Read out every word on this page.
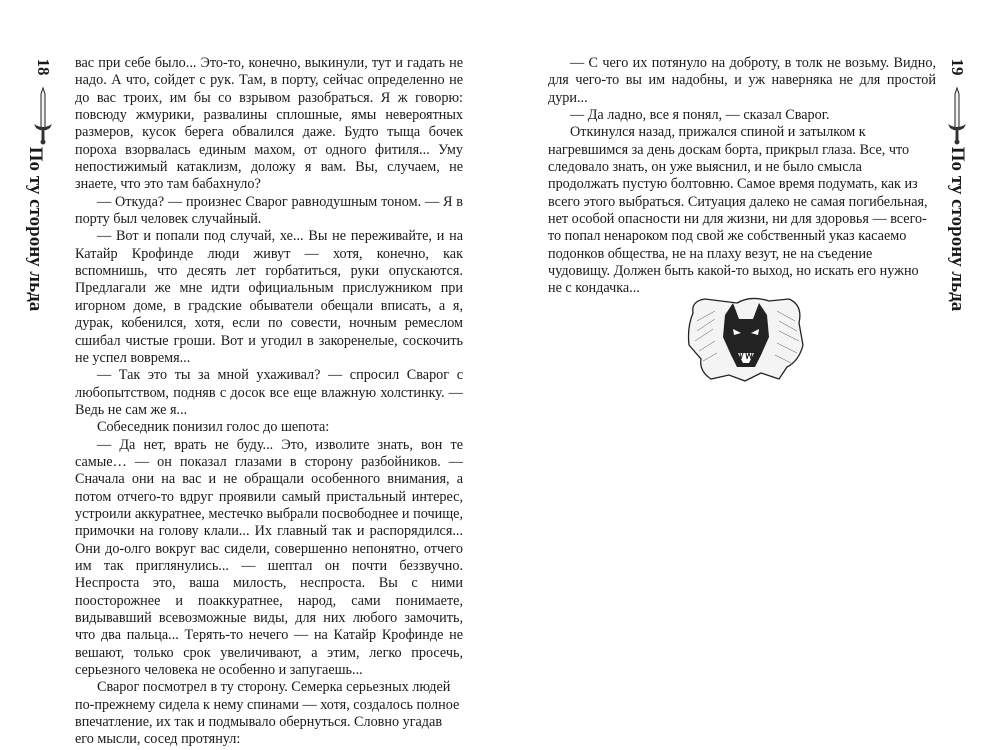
18
По ту сторону льда

вас при себе было... Это-то, конечно, выкинули, тут и гадать не надо. А что, сойдет с рук. Там, в порту, сейчас определенно не до вас троих, им бы со взрывом разобраться. Я ж говорю: повсюду жмурики, развалины сплошные, ямы невероятных размеров, кусок берега обвалился даже. Будто тыща бочек пороха взорвалась единым махом, от одного фитиля... Уму непостижимый катаклизм, доложу я вам. Вы, случаем, не знаете, что это там бабахнуло?

— Откуда? — произнес Сварог равнодушным тоном. — Я в порту был человек случайный.

— Вот и попали под случай, хе... Вы не переживайте, и на Катайр Крофинде люди живут — хотя, конечно, как вспомнишь, что десять лет горбатиться, руки опускаются. Предлагали же мне идти официальным прислужником при игорном доме, в градские обыватели обещали вписать, а я, дурак, кобенился, хотя, если по совести, ночным ремеслом сшибал чистые гроши. Вот и угодил в закоренелые, соскочить не успел вовремя...

— Так это ты за мной ухаживал? — спросил Сварог с любопытством, подняв с досок все еще влажную холстинку. — Ведь не сам же я...

Собеседник понизил голос до шепота:

— Да нет, врать не буду... Это, изволите знать, вон те самые… — он показал глазами в сторону разбойников. — Сначала они на вас и не обращали особенного внимания, а потом отчего-то вдруг проявили самый пристальный интерес, устроили аккуратнее, местечко выбрали посвободнее и почище, примочки на голову клали... Их главный так и распорядился... Они до-олго вокруг вас сидели, совершенно непонятно, отчего им так приглянулись... — шептал он почти беззвучно. Неспроста это, ваша милость, неспроста. Вы с ними поосторожнее и поаккуратнее, народ, сами понимаете, видывавший всевозможные виды, для них любого замочить, что два пальца... Терять-то нечего — на Катайр Крофинде не вешают, только срок увеличивают, а этим, легко просечь, серьезного человека не особенно и запугаешь...

Сварог посмотрел в ту сторону. Семерка серьезных людей по-прежнему сидела к нему спинами — хотя, создалось полное впечатление, их так и подмывало обернуться. Словно угадав его мысли, сосед протянул:

— С чего их потянуло на доброту, в толк не возьму. Видно, для чего-то вы им надобны, и уж наверняка не для простой дури...

— Да ладно, все я понял, — сказал Сварог.

Откинулся назад, прижался спиной и затылком к нагревшимся за день доскам борта, прикрыл глаза. Все, что следовало знать, он уже выяснил, и не было смысла продолжать пустую болтовню. Самое время подумать, как из всего этого выбраться. Ситуация далеко не самая погибельная, нет особой опасности ни для жизни, ни для здоровья — всего-то попал ненароком под свой же собственный указ касаемо подонков общества, не на плаху везут, не на съедение чудовищу. Должен быть какой-то выход, но искать его нужно не с кондачка...

19
По ту сторону льда
